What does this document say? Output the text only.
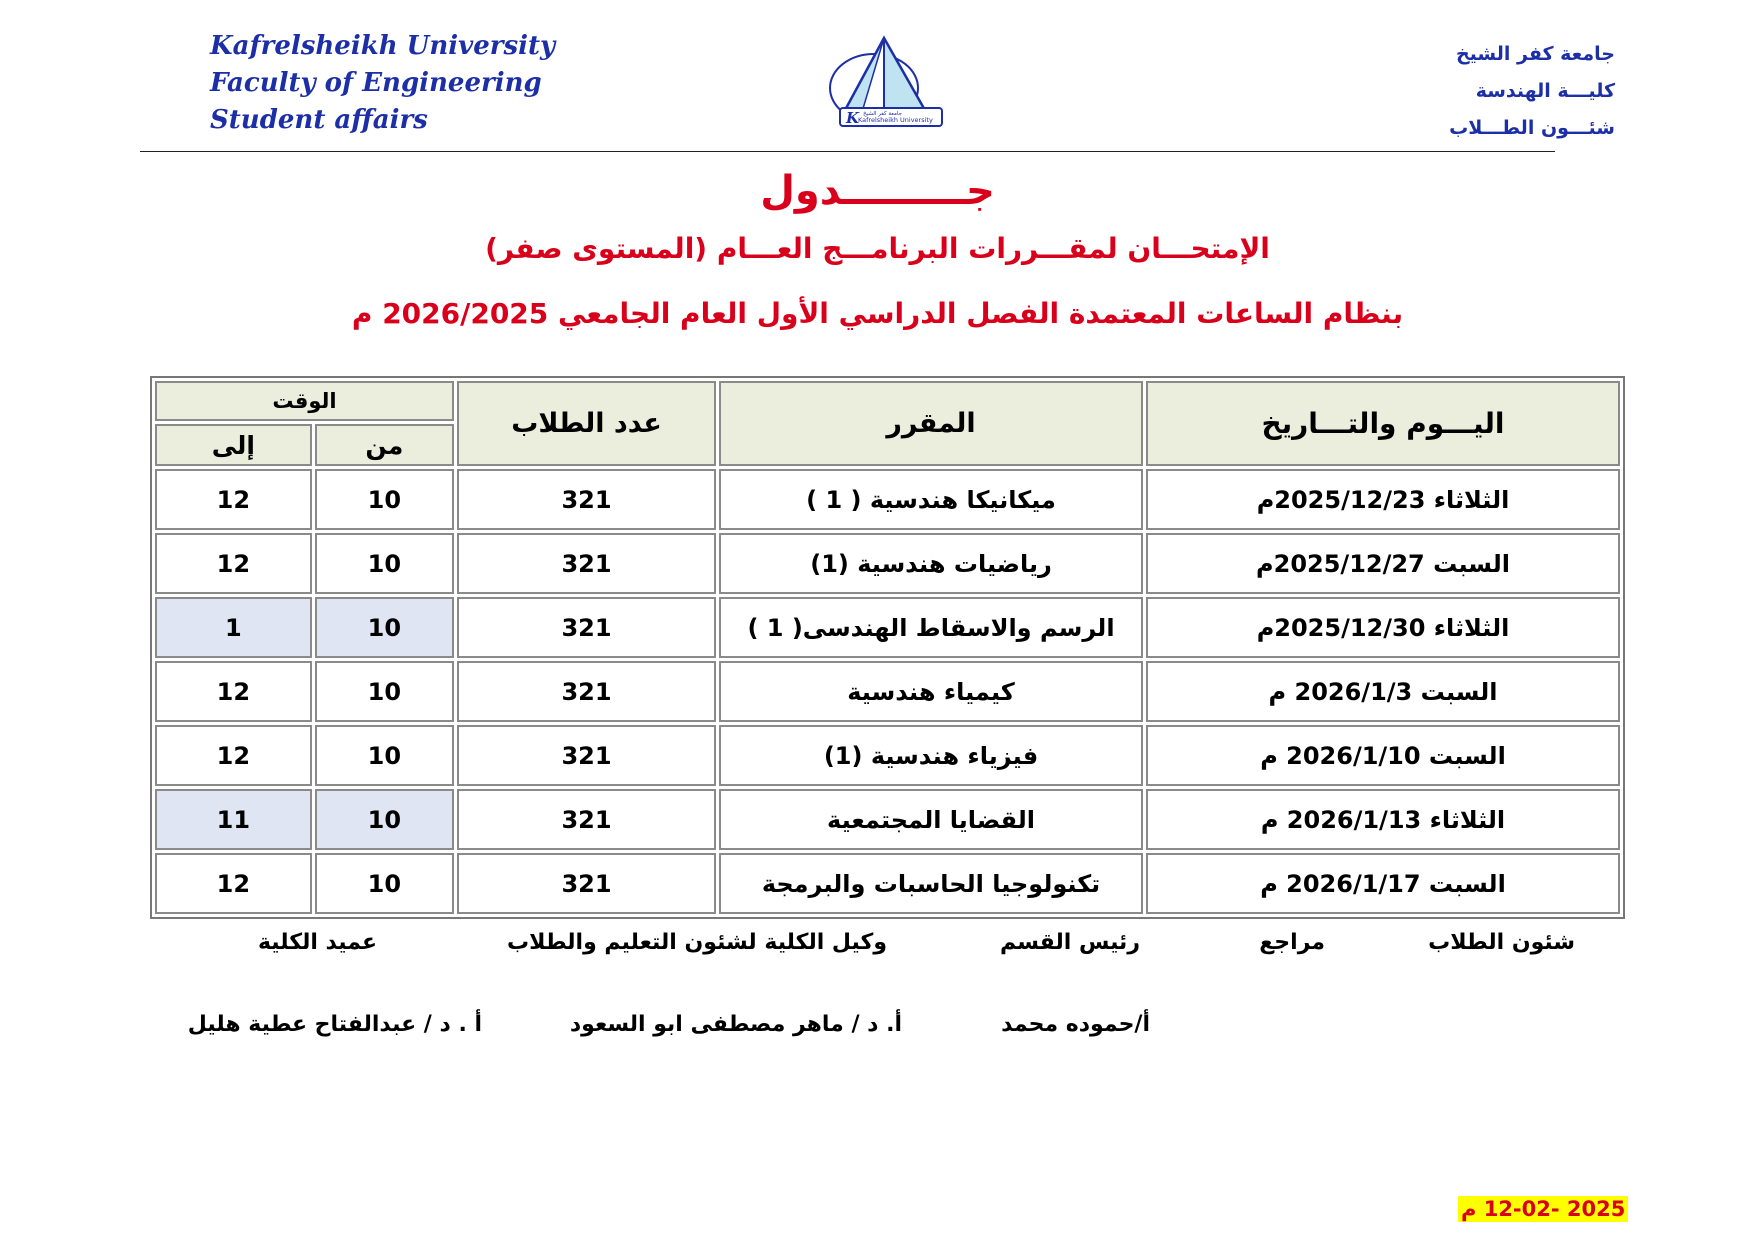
Kafrelsheikh University
Faculty of Engineering
Student affairs	K
Kafrelsheikh University
جامعة كفر الشيخ
جامعة كفر الشيخ
كليـــة الهندسة
شئـــون الطـــلاب
جـــــــــدول
الإمتحـــان لمقـــررات البرنامـــج العـــام (المستوى صفر)
بنظام الساعات المعتمدة الفصل الدراسي الأول العام الجامعي 2026/2025 م
اليـــوم والتـــاريخ	المقرر	عدد الطلاب	الوقت	
			من	إلى
الثلاثاء 2025/12/23م	ميكانيكا هندسية ( 1 )	321	10	12
السبت 2025/12/27م	رياضيات هندسية (1)	321	10	12
الثلاثاء 2025/12/30م	الرسم والاسقاط الهندسى( 1 )	321	10	1
السبت 2026/1/3 م	كيمياء هندسية	321	10	12
السبت 2026/1/10 م	فيزياء هندسية (1)	321	10	12
الثلاثاء 2026/1/13 م	القضايا المجتمعية	321	10	11
السبت 2026/1/17 م	تكنولوجيا الحاسبات والبرمجة	321	10	12
شئون الطلاب
مراجع
رئيس القسم
وكيل الكلية لشئون التعليم والطلاب
عميد الكلية
أ/حموده محمد
أ. د / ماهر مصطفى ابو السعود
أ . د / عبدالفتاح عطية هليل
2025 -12-02 م
